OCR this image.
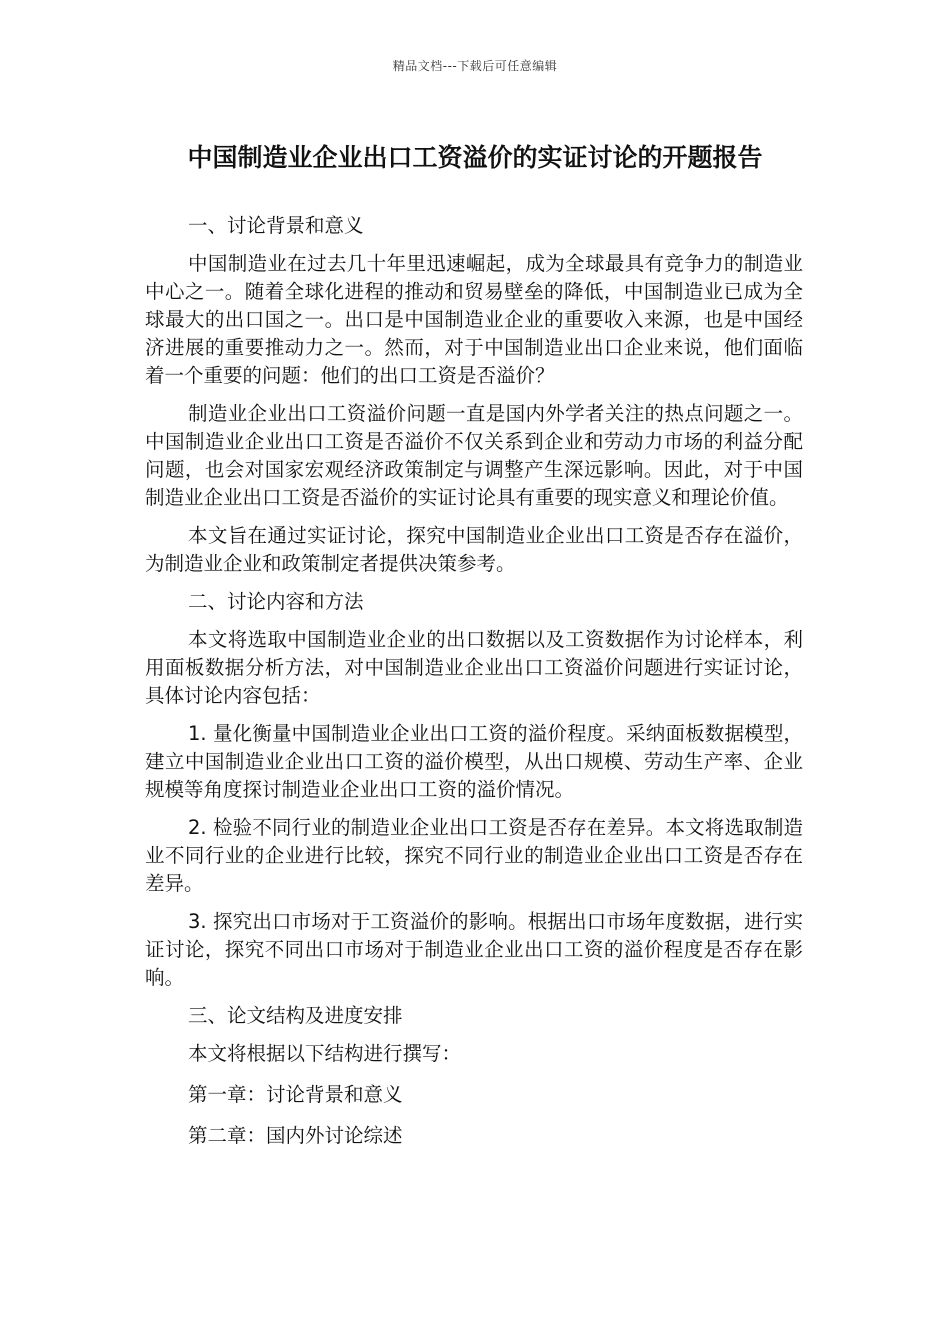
精品文档---下载后可任意编辑
中国制造业企业出口工资溢价的实证讨论的开题报告

一、讨论背景和意义

中国制造业在过去几十年里迅速崛起，成为全球最具有竞争力的制造业中心之一。随着全球化进程的推动和贸易壁垒的降低，中国制造业已成为全球最大的出口国之一。出口是中国制造业企业的重要收入来源，也是中国经济进展的重要推动力之一。然而，对于中国制造业出口企业来说，他们面临着一个重要的问题：他们的出口工资是否溢价？

制造业企业出口工资溢价问题一直是国内外学者关注的热点问题之一。中国制造业企业出口工资是否溢价不仅关系到企业和劳动力市场的利益分配问题，也会对国家宏观经济政策制定与调整产生深远影响。因此，对于中国制造业企业出口工资是否溢价的实证讨论具有重要的现实意义和理论价值。

本文旨在通过实证讨论，探究中国制造业企业出口工资是否存在溢价，为制造业企业和政策制定者提供决策参考。

二、讨论内容和方法

本文将选取中国制造业企业的出口数据以及工资数据作为讨论样本，利用面板数据分析方法，对中国制造业企业出口工资溢价问题进行实证讨论，具体讨论内容包括：

1. 量化衡量中国制造业企业出口工资的溢价程度。采纳面板数据模型，建立中国制造业企业出口工资的溢价模型，从出口规模、劳动生产率、企业规模等角度探讨制造业企业出口工资的溢价情况。

2. 检验不同行业的制造业企业出口工资是否存在差异。本文将选取制造业不同行业的企业进行比较，探究不同行业的制造业企业出口工资是否存在差异。

3. 探究出口市场对于工资溢价的影响。根据出口市场年度数据，进行实证讨论，探究不同出口市场对于制造业企业出口工资的溢价程度是否存在影响。

三、论文结构及进度安排

本文将根据以下结构进行撰写：

第一章：讨论背景和意义

第二章：国内外讨论综述
